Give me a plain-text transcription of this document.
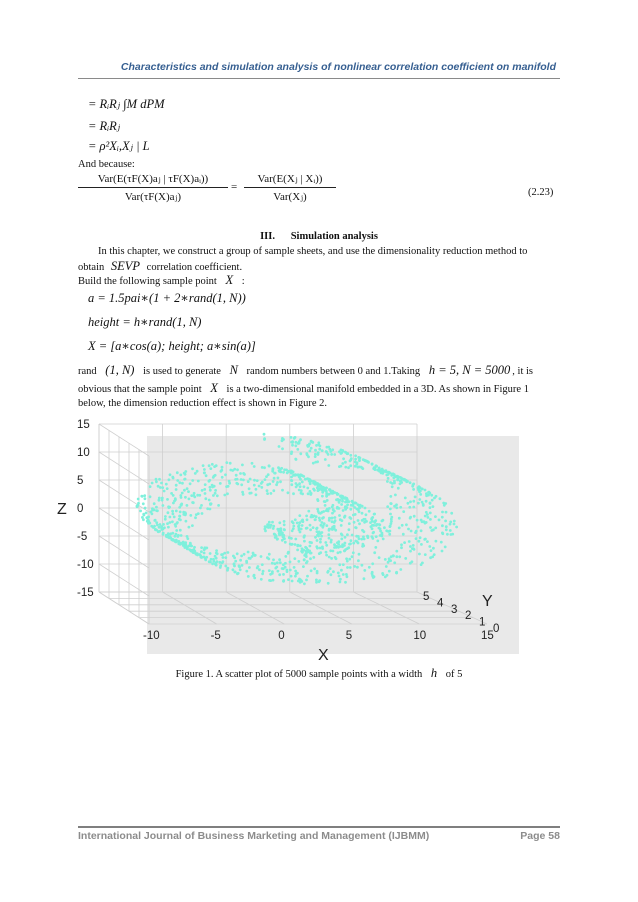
Characteristics and simulation analysis of nonlinear correlation coefficient on manifold
= RᵢRⱼ ∫M dPM
= RᵢRⱼ
= ρ²Xᵢ,Xⱼ | L
And because:
Var(E(τF(X)aⱼ | τF(X)aᵢ))
Var(τF(X)aⱼ)
=
Var(E(Xⱼ | Xᵢ))
Var(Xⱼ)	(2.23)
III.      Simulation analysis
In this chapter, we construct a group of sample sheets, and use the dimensionality reduction method to
obtain SEVP correlation coefficient.
Build the following sample point X :
a = 1.5pai∗(1 + 2∗rand(1, N))
height = h∗rand(1, N)
X = [a∗cos(a); height; a∗sin(a)]
rand (1, N) is used to generate N random numbers between 0 and 1.Taking h = 5, N = 5000 , it is
obvious that the sample point X is a two-dimensional manifold embedded in a 3D. As shown in Figure 1
below, the dimension reduction effect is shown in Figure 2.
-10	-5	0	5	10	15
15
10
5
0
-5
-10
-15	5
4
3
2
1
0
X
Z
Y
Figure 1. A scatter plot of 5000 sample points with a width h of 5
International Journal of Business Marketing and Management (IJBMM)	Page 58
